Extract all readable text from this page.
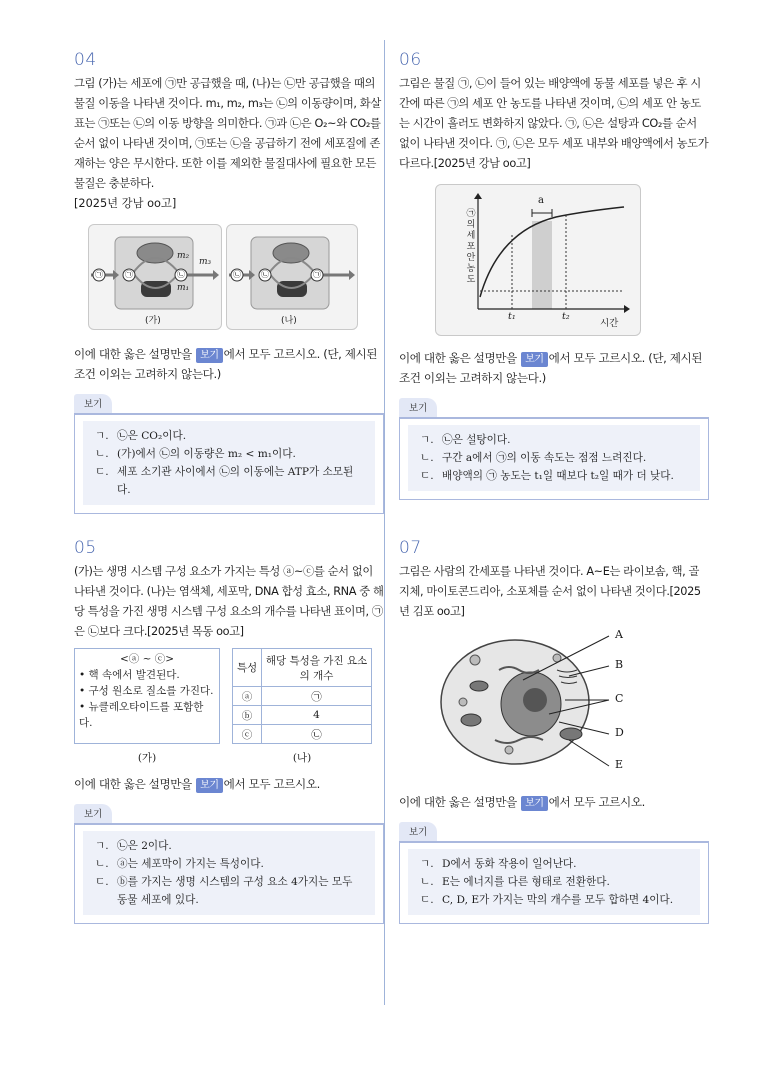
04
그림 (가)는 세포에 ㉠만 공급했을 때, (나)는 ㉡만 공급했을 때의 물질 이동을 나타낸 것이다. m₁, m₂, m₃는 ㉡의 이동량이며, 화살표는 ㉠또는 ㉡의 이동 방향을 의미한다. ㉠과 ㉡은 O₂~와 CO₂를 순서 없이 나타낸 것이며, ㉠또는 ㉡을 공급하기 전에 세포질에 존재하는 양은 무시한다. 또한 이를 제외한 물질대사에 필요한 모든 물질은 충분하다.
[2025년 강남 oo고]
㉠	㉠	㉡
m₂
m₃
m₁
(가)
㉡	㉡	㉠
(나)
이에 대한 옳은 설명만을 보기 에서 모두 고르시오. (단, 제시된 조건 이외는 고려하지 않는다.)
보기
ㄱ. ㉡은 CO₂이다.
ㄴ. (가)에서 ㉡의 이동량은 m₂ < m₁이다.
ㄷ. 세포 소기관 사이에서 ㉡의 이동에는 ATP가 소모된다.
05
(가)는 생명 시스템 구성 요소가 가지는 특성 ⓐ~ⓒ를 순서 없이 나타낸 것이다. (나)는 염색체, 세포막, DNA 합성 효소, RNA 중 해당 특성을 가진 생명 시스템 구성 요소의 개수를 나타낸 표이며, ㉠은 ㉡보다 크다.[2025년 목동 oo고]
<ⓐ ~ ⓒ>
• 핵 속에서 발견된다.
• 구성 원소로 질소를 가진다.
• 뉴클레오타이드를 포함한다.
특성	해당 특성을 가진 요소의 개수
ⓐ	㉠
ⓑ	4
ⓒ	㉡
(가)	(나)
이에 대한 옳은 설명만을 보기 에서 모두 고르시오.
보기
ㄱ. ㉡은 2이다.
ㄴ. ⓐ는 세포막이 가지는 특성이다.
ㄷ. ⓑ를 가지는 생명 시스템의 구성 요소 4가지는 모두 동물 세포에 있다.
06
그림은 물질 ㉠, ㉡이 들어 있는 배양액에 동물 세포를 넣은 후 시간에 따른 ㉠의 세포 안 농도를 나타낸 것이며, ㉡의 세포 안 농도는 시간이 흘러도 변화하지 않았다. ㉠, ㉡은 설탕과 CO₂를 순서 없이 나타낸 것이다. ㉠, ㉡은 모두 세포 내부와 배양액에서 농도가 다르다.[2025년 강남 oo고]
㉠
의
세
포
안
농
도
a
t₁	t₂
시간
이에 대한 옳은 설명만을 보기 에서 모두 고르시오. (단, 제시된 조건 이외는 고려하지 않는다.)
보기
ㄱ. ㉡은 설탕이다.
ㄴ. 구간 a에서 ㉠의 이동 속도는 점점 느려진다.
ㄷ. 배양액의 ㉠ 농도는 t₁일 때보다 t₂일 때가 더 낮다.
07
그림은 사람의 간세포를 나타낸 것이다. A~E는 라이보솜, 핵, 골지체, 마이토콘드리아, 소포체를 순서 없이 나타낸 것이다.[2025년 김포 oo고]
A
B
C
D
E
이에 대한 옳은 설명만을 보기 에서 모두 고르시오.
보기
ㄱ. D에서 동화 작용이 일어난다.
ㄴ. E는 에너지를 다른 형태로 전환한다.
ㄷ. C, D, E가 가지는 막의 개수를 모두 합하면 4이다.
